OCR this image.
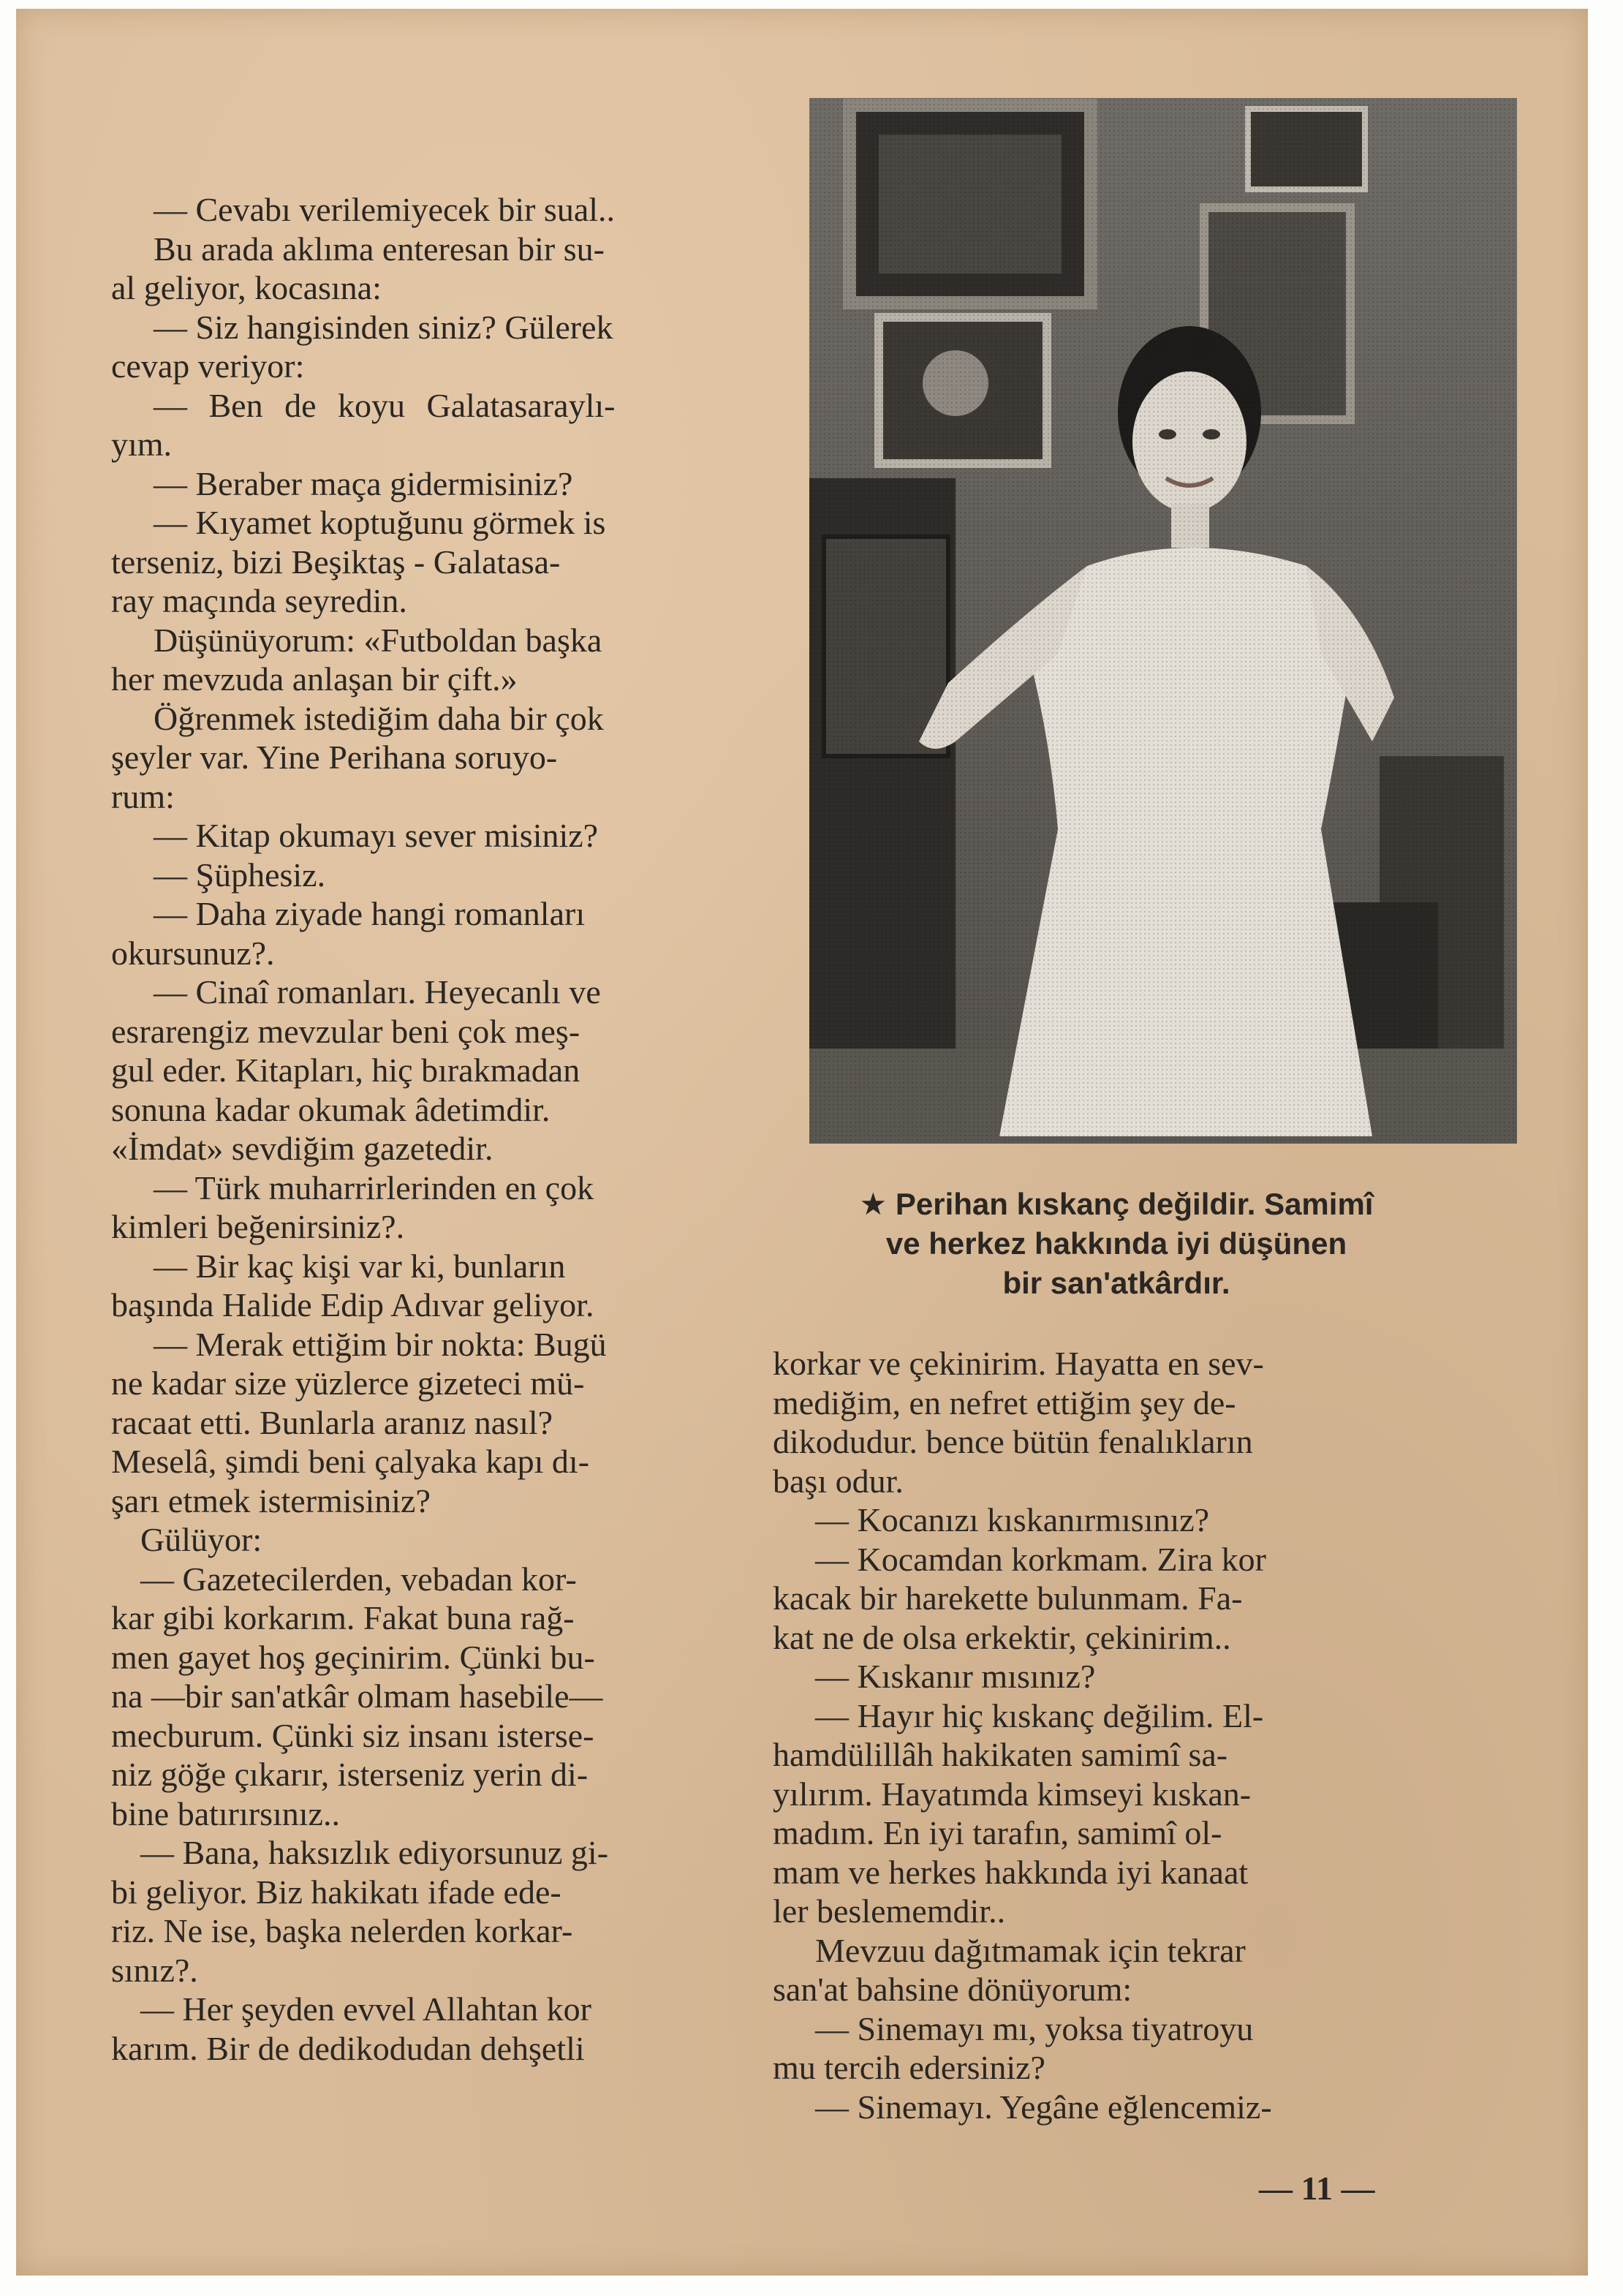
— Cevabı verilemiyecek bir sual..

Bu arada aklıma enteresan bir su-

al geliyor, kocasına:

— Siz hangisinden siniz? Gülerek

cevap veriyor:

— Ben de koyu Galatasaraylı-

yım.

— Beraber maça gidermisiniz?

— Kıyamet koptuğunu görmek is

terseniz, bizi Beşiktaş - Galatasa-

ray maçında seyredin.

Düşünüyorum: «Futboldan başka

her mevzuda anlaşan bir çift.»

Öğrenmek istediğim daha bir çok

şeyler var. Yine Perihana soruyo-

rum:

— Kitap okumayı sever misiniz?

— Şüphesiz.

— Daha ziyade hangi romanları

okursunuz?.

— Cinaî romanları. Heyecanlı ve

esrarengiz mevzular beni çok meş-

gul eder. Kitapları, hiç bırakmadan

sonuna kadar okumak âdetimdir.

«İmdat» sevdiğim gazetedir.

— Türk muharrirlerinden en çok

kimleri beğenirsiniz?.

— Bir kaç kişi var ki, bunların

başında Halide Edip Adıvar geliyor.

— Merak ettiğim bir nokta: Bugü

ne kadar size yüzlerce gizeteci mü-

racaat etti. Bunlarla aranız nasıl?

Meselâ, şimdi beni çalyaka kapı dı-

şarı etmek istermisiniz?

Gülüyor:

— Gazetecilerden, vebadan kor-

kar gibi korkarım. Fakat buna rağ-

men gayet hoş geçinirim. Çünki bu-

na —bir san'atkâr olmam hasebile—

mecburum. Çünki siz insanı isterse-

niz göğe çıkarır, isterseniz yerin di-

bine batırırsınız..

— Bana, haksızlık ediyorsunuz gi-

bi geliyor. Biz hakikatı ifade ede-

riz. Ne ise, başka nelerden korkar-

sınız?.

— Her şeyden evvel Allahtan kor

karım. Bir de dedikodudan dehşetli

★ Perihan kıskanç değildir. Samimî
ve herkez hakkında iyi düşünen
bir san'atkârdır.

korkar ve çekinirim. Hayatta en sev-

mediğim, en nefret ettiğim şey de-

dikodudur. bence bütün fenalıkların

başı odur.

— Kocanızı kıskanırmısınız?

— Kocamdan korkmam. Zira kor

kacak bir harekette bulunmam. Fa-

kat ne de olsa erkektir, çekinirim..

— Kıskanır mısınız?

— Hayır hiç kıskanç değilim. El-

hamdülillâh hakikaten samimî sa-

yılırım. Hayatımda kimseyi kıskan-

madım. En iyi tarafın, samimî ol-

mam ve herkes hakkında iyi kanaat

ler beslememdir..

Mevzuu dağıtmamak için tekrar

san'at bahsine dönüyorum:

— Sinemayı mı, yoksa tiyatroyu

mu tercih edersiniz?

— Sinemayı. Yegâne eğlencemiz-

— 11 —
